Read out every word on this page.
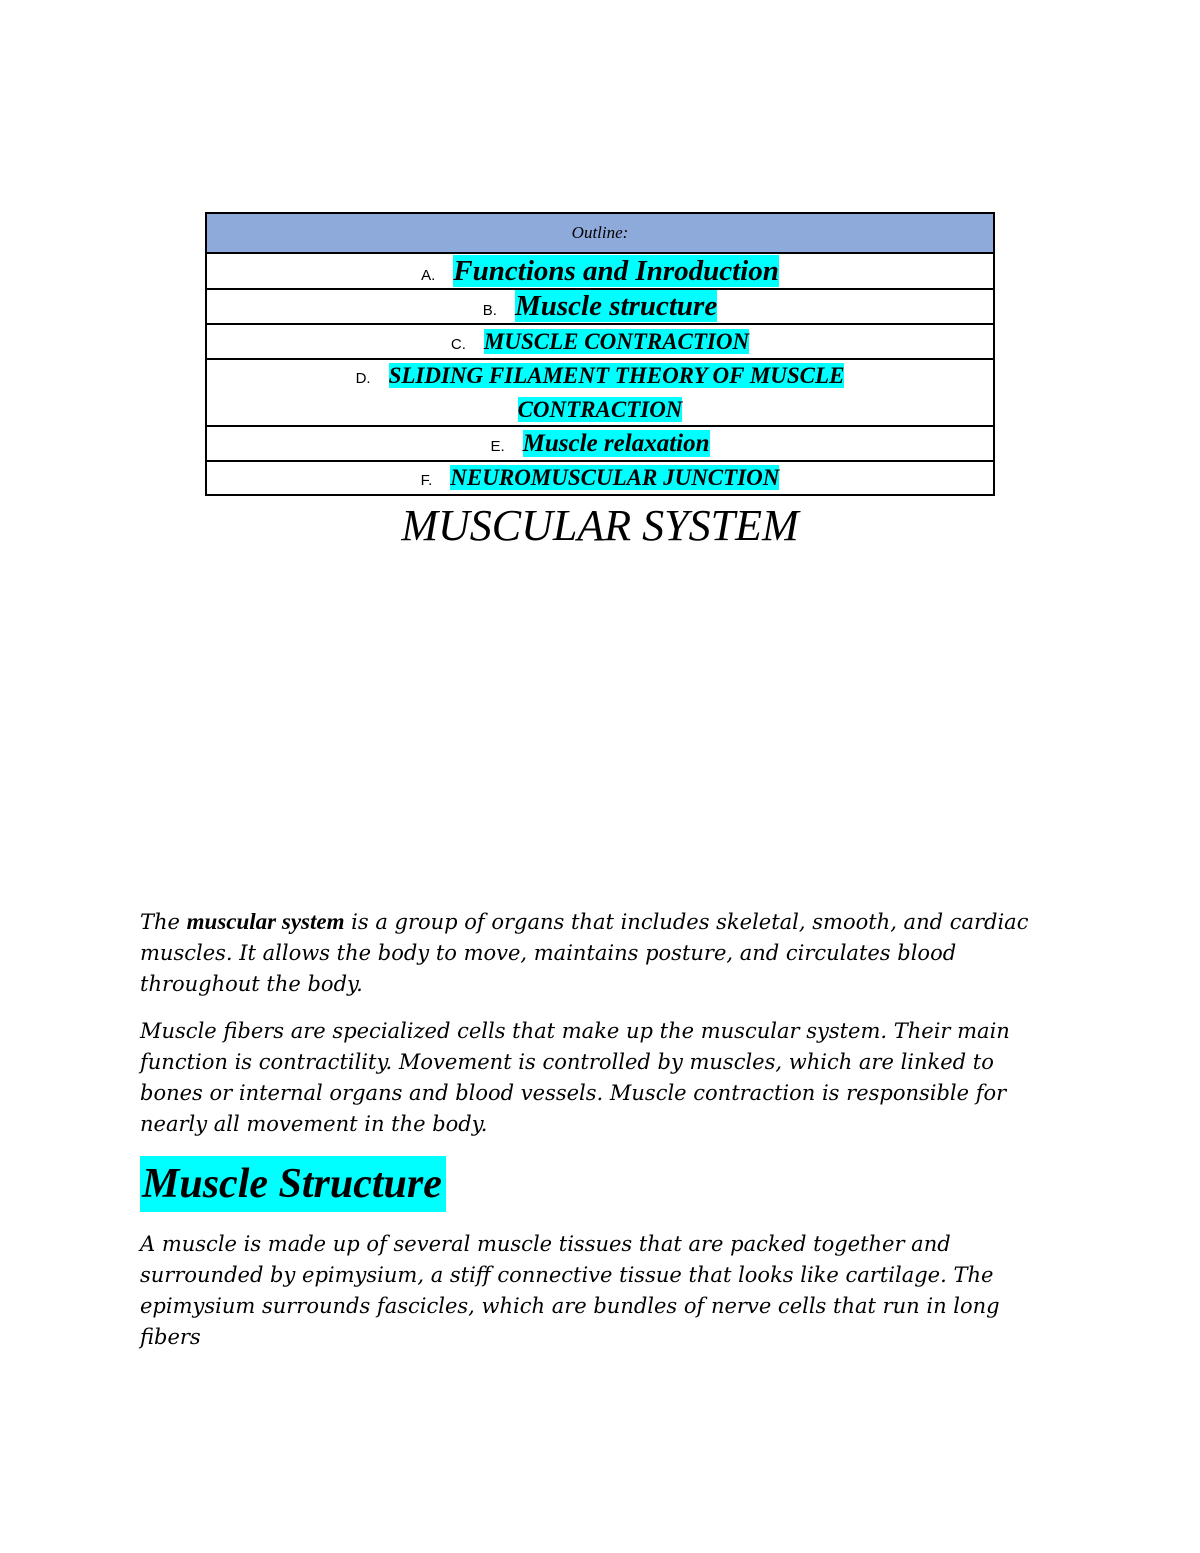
Outline:
A. Functions and Inroduction
B. Muscle structure
C. MUSCLE CONTRACTION

D. SLIDING FILAMENT THEORY OF MUSCLE
CONTRACTION

E. Muscle relaxation
F. NEUROMUSCULAR JUNCTION
MUSCULAR SYSTEM

The muscular system is a group of organs that includes skeletal, smooth, and cardiac muscles. It allows the body to move, maintains posture, and circulates blood throughout the body.

Muscle fibers are specialized cells that make up the muscular system. Their main function is contractility. Movement is controlled by muscles, which are linked to bones or internal organs and blood vessels. Muscle contraction is responsible for nearly all movement in the body.

Muscle Structure

A muscle is made up of several muscle tissues that are packed together and surrounded by epimysium, a stiff connective tissue that looks like cartilage. The epimysium surrounds fascicles, which are bundles of nerve cells that run in long fibers
